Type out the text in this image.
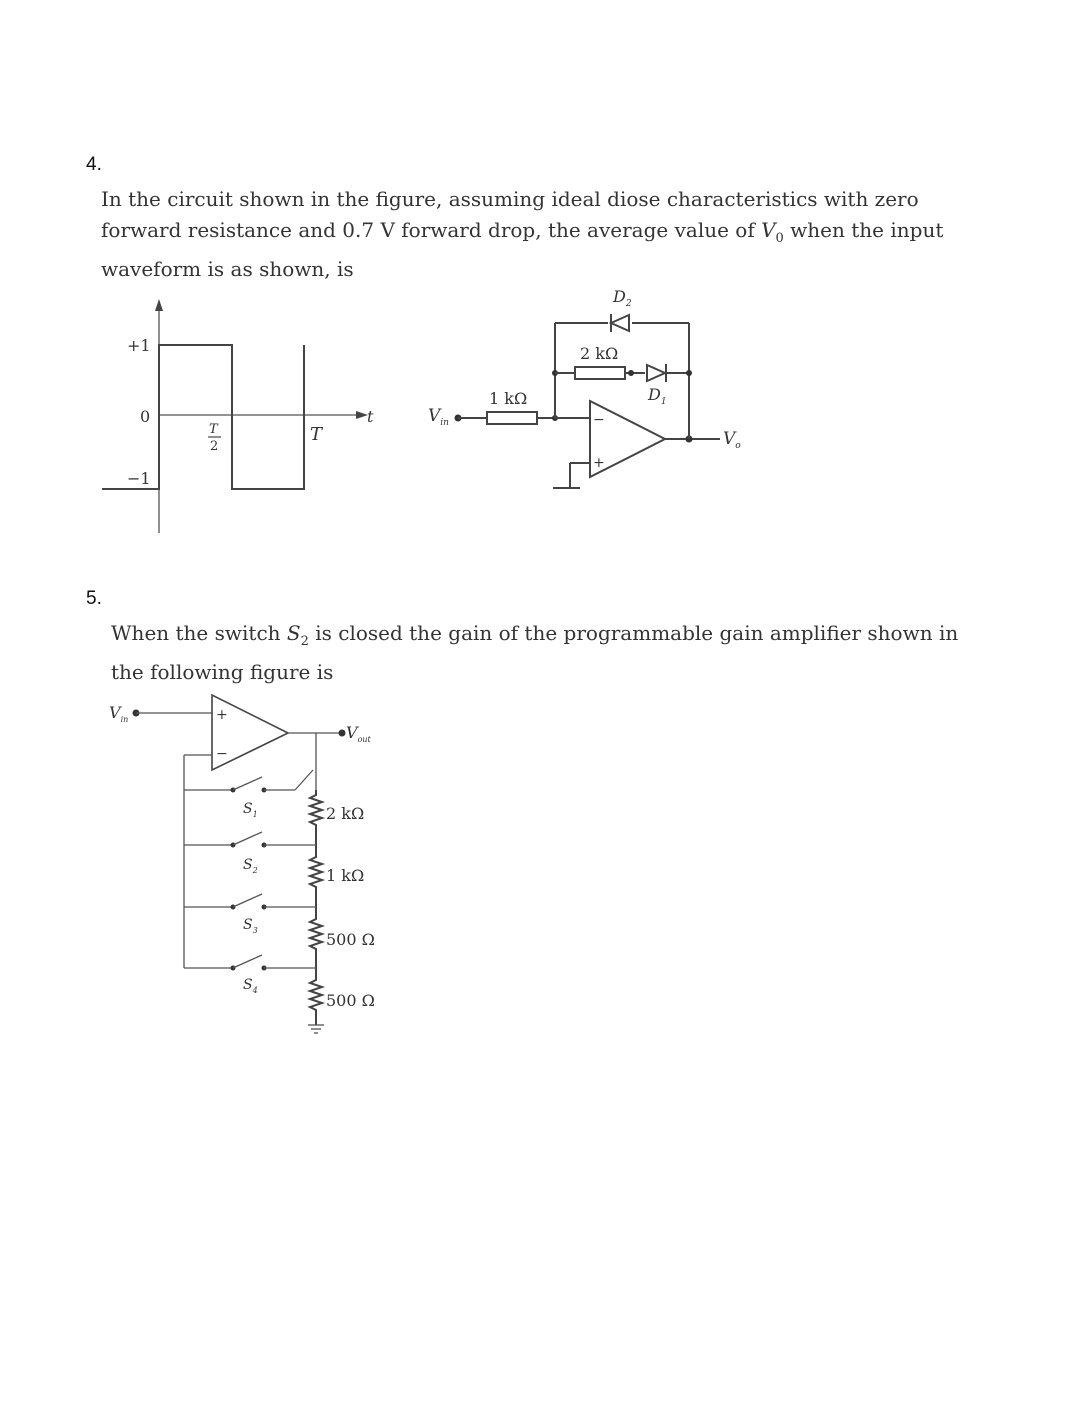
4.
In the circuit shown in the figure, assuming ideal diose characteristics with zero forward resistance and 0.7 V forward drop, the average value of $V_0$ when the input waveform is as shown, is
+1
0
−1
T
2
T
t	$V_{in}$
1 kΩ
−
+
$V_o$
$D_2$
2 kΩ
$D_1$
5.
When the switch $S_2$ is closed the gain of the programmable gain amplifier shown in the following figure is
$V_{in}$	+
−
$V_{out}$
2 kΩ
1 kΩ
500 Ω
500 Ω
$S_1$
$S_2$
$S_3$
$S_4$
